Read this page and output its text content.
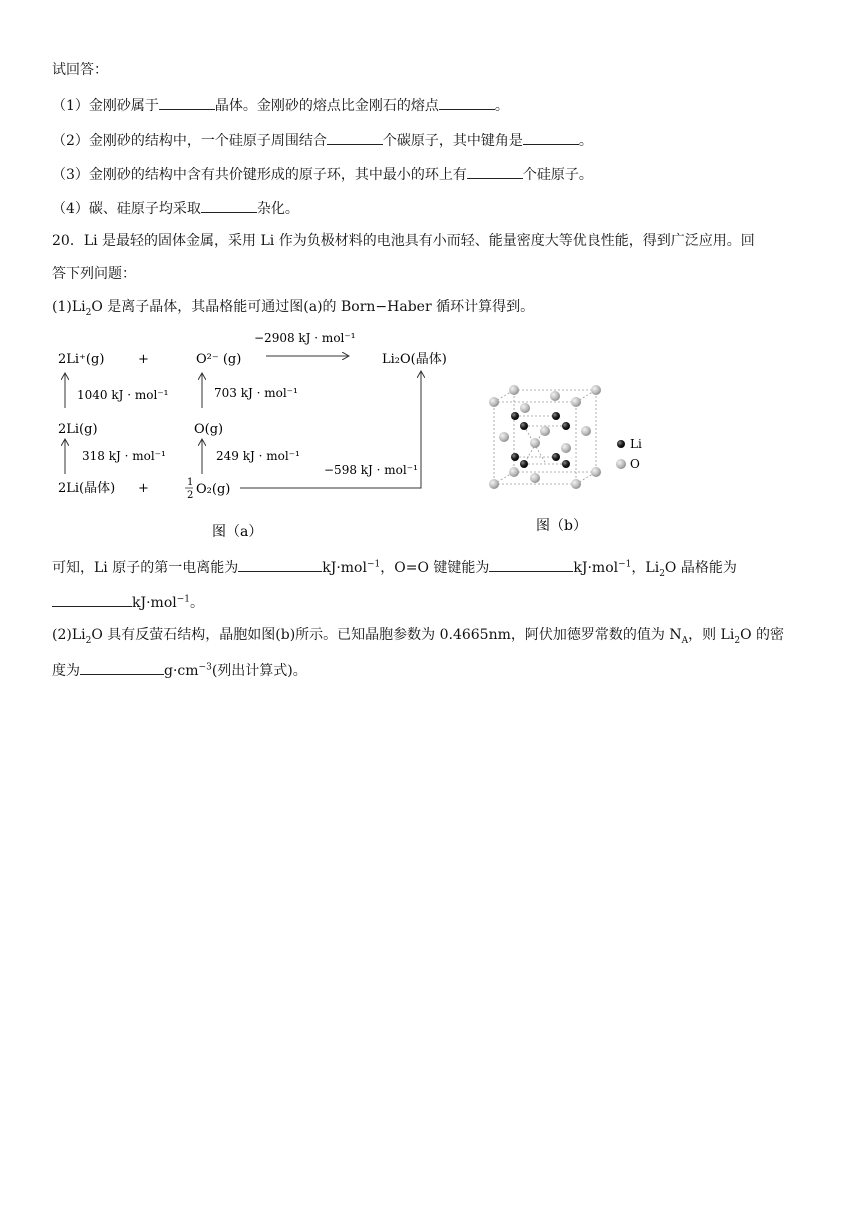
试回答：
（1）金刚砂属于	晶体。金刚砂的熔点比金刚石的熔点	。
（2）金刚砂的结构中，一个硅原子周围结合	个碳原子，其中键角是	。
（3）金刚砂的结构中含有共价键形成的原子环，其中最小的环上有	个硅原子。
（4）碳、硅原子均采取	杂化。
20．Li 是最轻的固体金属，采用 Li 作为负极材料的电池具有小而轻、能量密度大等优良性能，得到广泛应用。回
答下列问题：
$(1)Li_2O$ 是离子晶体，其晶格能可通过图(a)的 Born−Haber 循环计算得到。
2Li⁺(g)	+	O²⁻ (g)
−2908 kJ · mol⁻¹
Li₂O(晶体)
1040 kJ · mol⁻¹	703 kJ · mol⁻¹
2Li(g)	O(g)
318 kJ · mol⁻¹	249 kJ · mol⁻¹
−598 kJ · mol⁻¹
2Li(晶体) +	1
2 O₂(g)
图（a）
Li
O
图（b）
可知，Li 原子的第一电离能为	kJ·mol$^{-1}$，O=O 键键能为	kJ·mol$^{-1}$，$Li_2O$ 晶格能为
kJ·mol$^{-1}$。
$(2)Li_2O$ 具有反萤石结构，晶胞如图(b)所示。已知晶胞参数为 0.4665nm，阿伏加德罗常数的值为 $N_A$，则 $Li_2O$ 的密
度为	$g\cdot cm^{-3}$(列出计算式)。
